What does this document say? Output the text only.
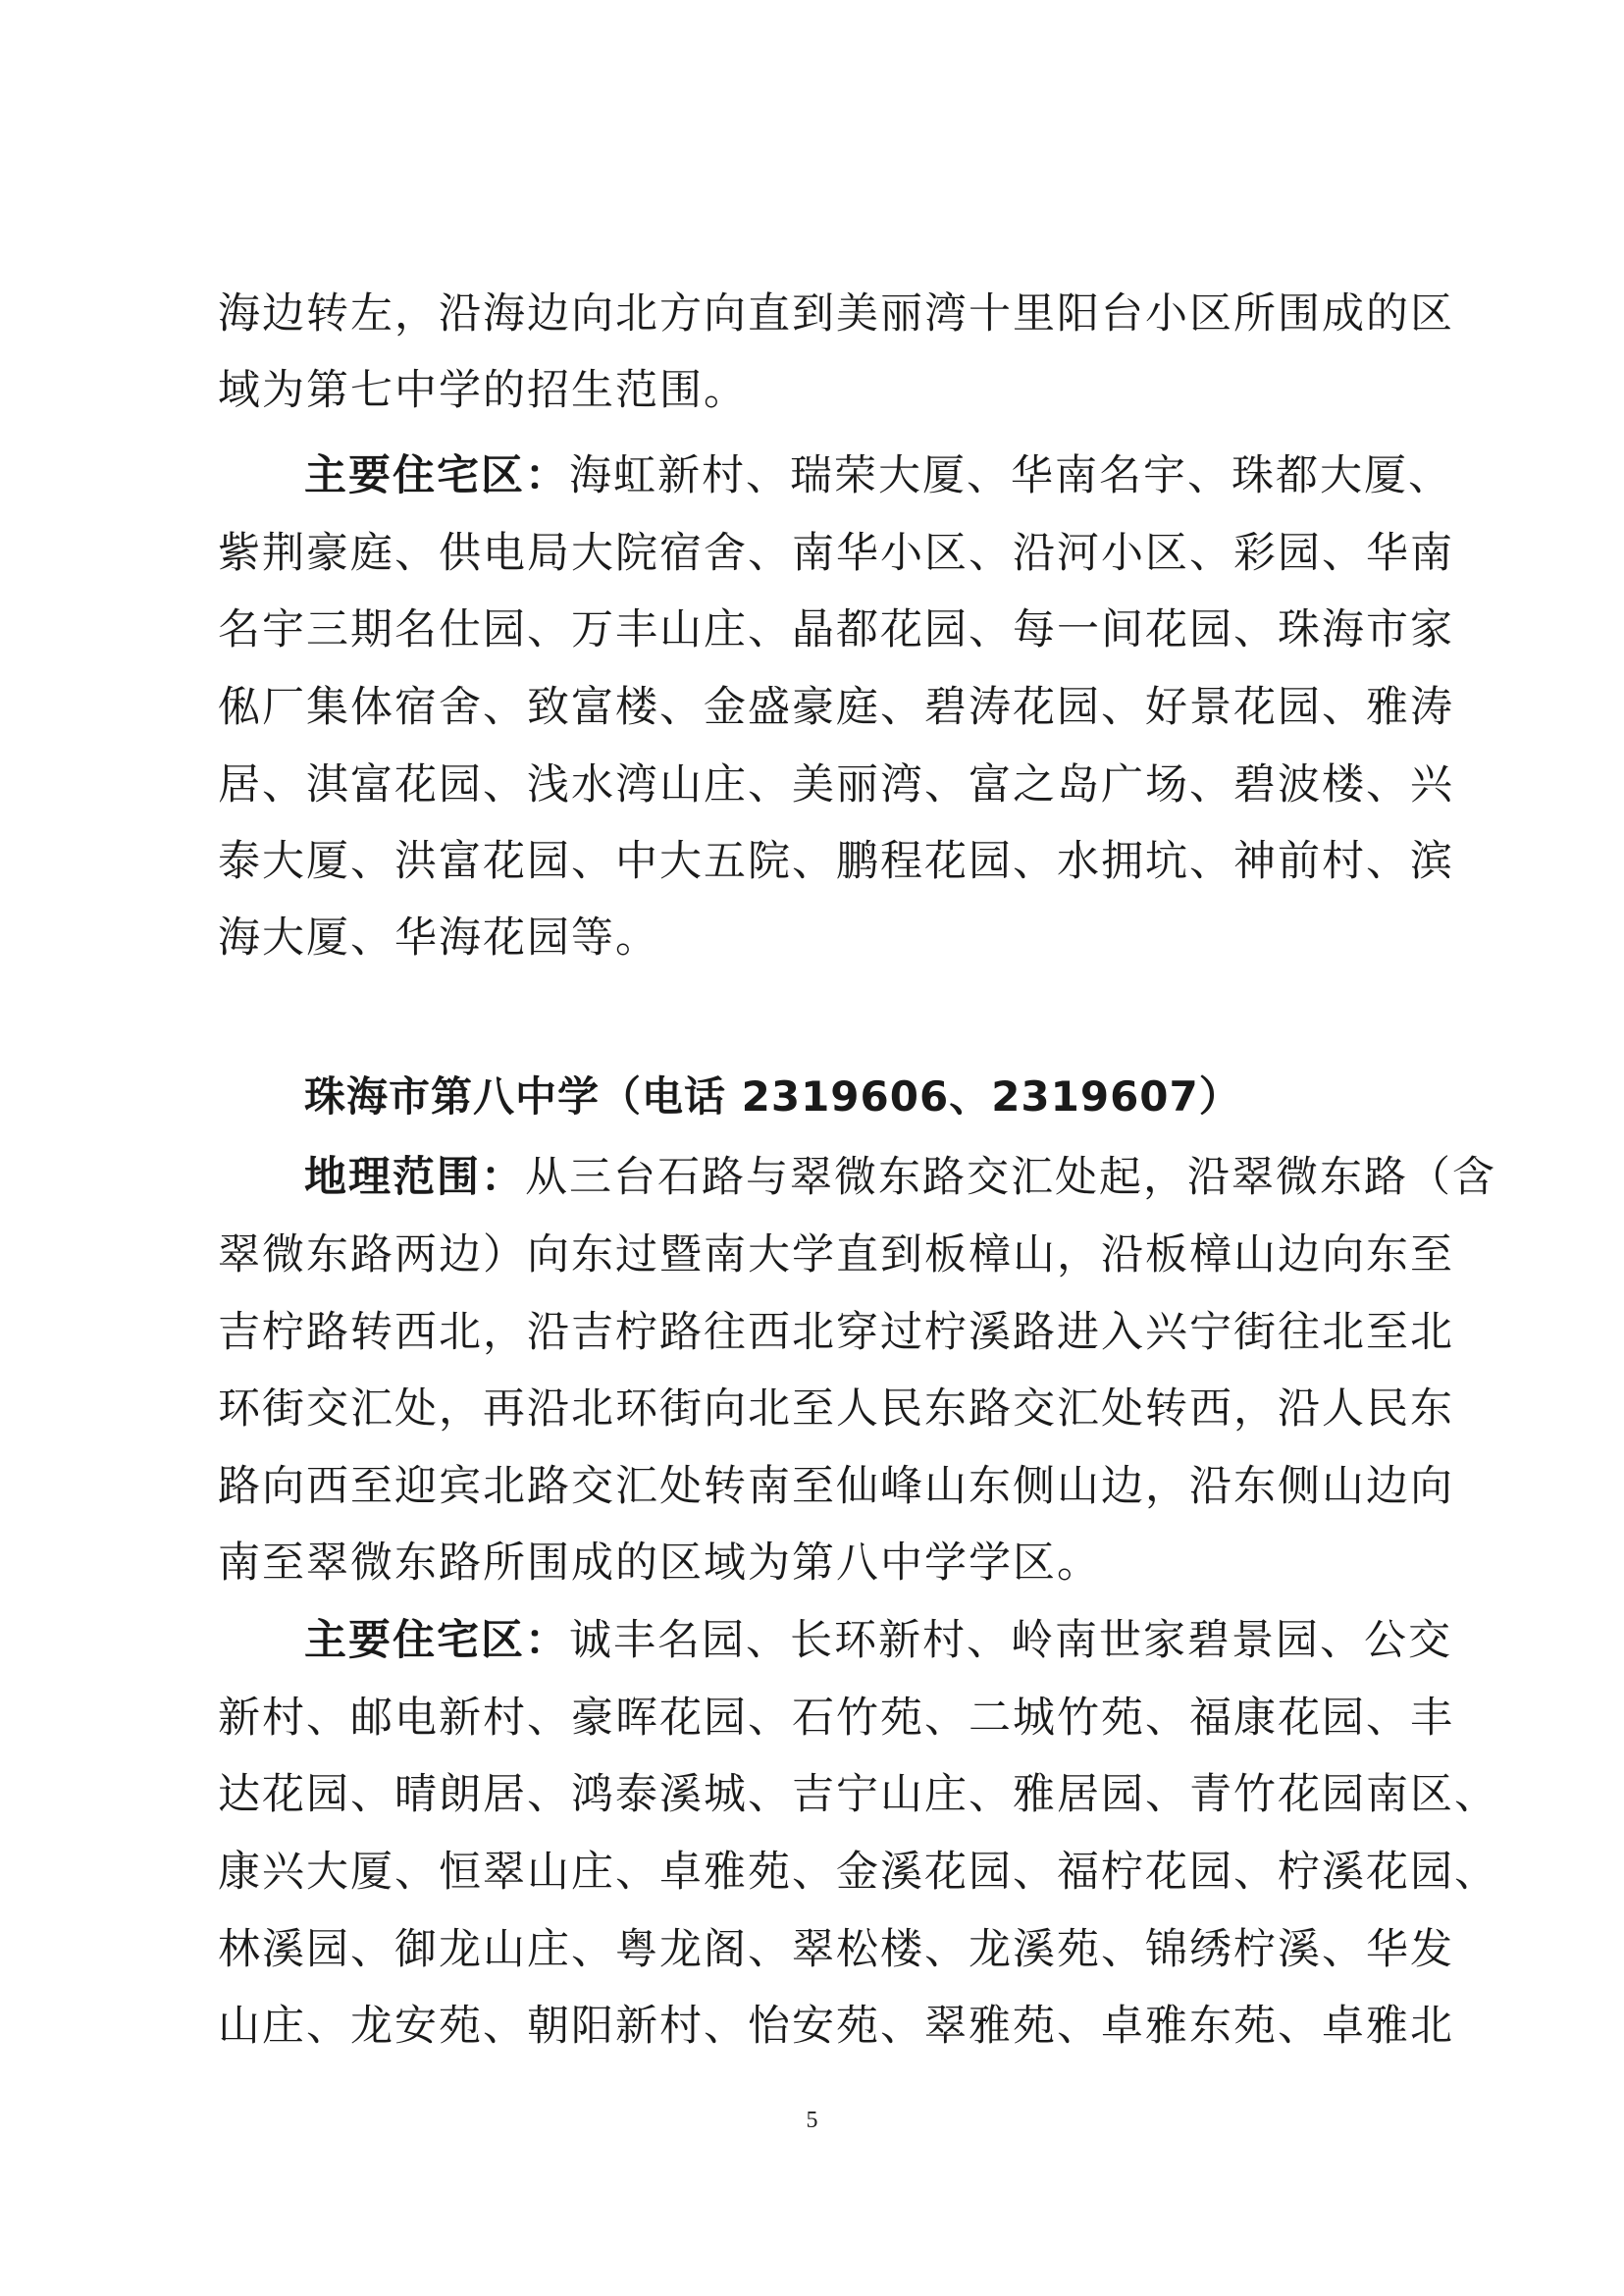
海边转左，沿海边向北方向直到美丽湾十里阳台小区所围成的区
域为第七中学的招生范围。
主要住宅区：海虹新村、瑞荣大厦、华南名宇、珠都大厦、
紫荆豪庭、供电局大院宿舍、南华小区、沿河小区、彩园、华南
名宇三期名仕园、万丰山庄、晶都花园、每一间花园、珠海市家
俬厂集体宿舍、致富楼、金盛豪庭、碧涛花园、好景花园、雅涛
居、淇富花园、浅水湾山庄、美丽湾、富之岛广场、碧波楼、兴
泰大厦、洪富花园、中大五院、鹏程花园、水拥坑、神前村、滨
海大厦、华海花园等。
珠海市第八中学（电话 2319606、2319607）
地理范围：从三台石路与翠微东路交汇处起，沿翠微东路（含
翠微东路两边）向东过暨南大学直到板樟山，沿板樟山边向东至
吉柠路转西北，沿吉柠路往西北穿过柠溪路进入兴宁街往北至北
环街交汇处，再沿北环街向北至人民东路交汇处转西，沿人民东
路向西至迎宾北路交汇处转南至仙峰山东侧山边，沿东侧山边向
南至翠微东路所围成的区域为第八中学学区。
主要住宅区：诚丰名园、长环新村、岭南世家碧景园、公交
新村、邮电新村、豪晖花园、石竹苑、二城竹苑、福康花园、丰
达花园、晴朗居、鸿泰溪城、吉宁山庄、雅居园、青竹花园南区、
康兴大厦、恒翠山庄、卓雅苑、金溪花园、福柠花园、柠溪花园、
林溪园、御龙山庄、粤龙阁、翠松楼、龙溪苑、锦绣柠溪、华发
山庄、龙安苑、朝阳新村、怡安苑、翠雅苑、卓雅东苑、卓雅北
5
